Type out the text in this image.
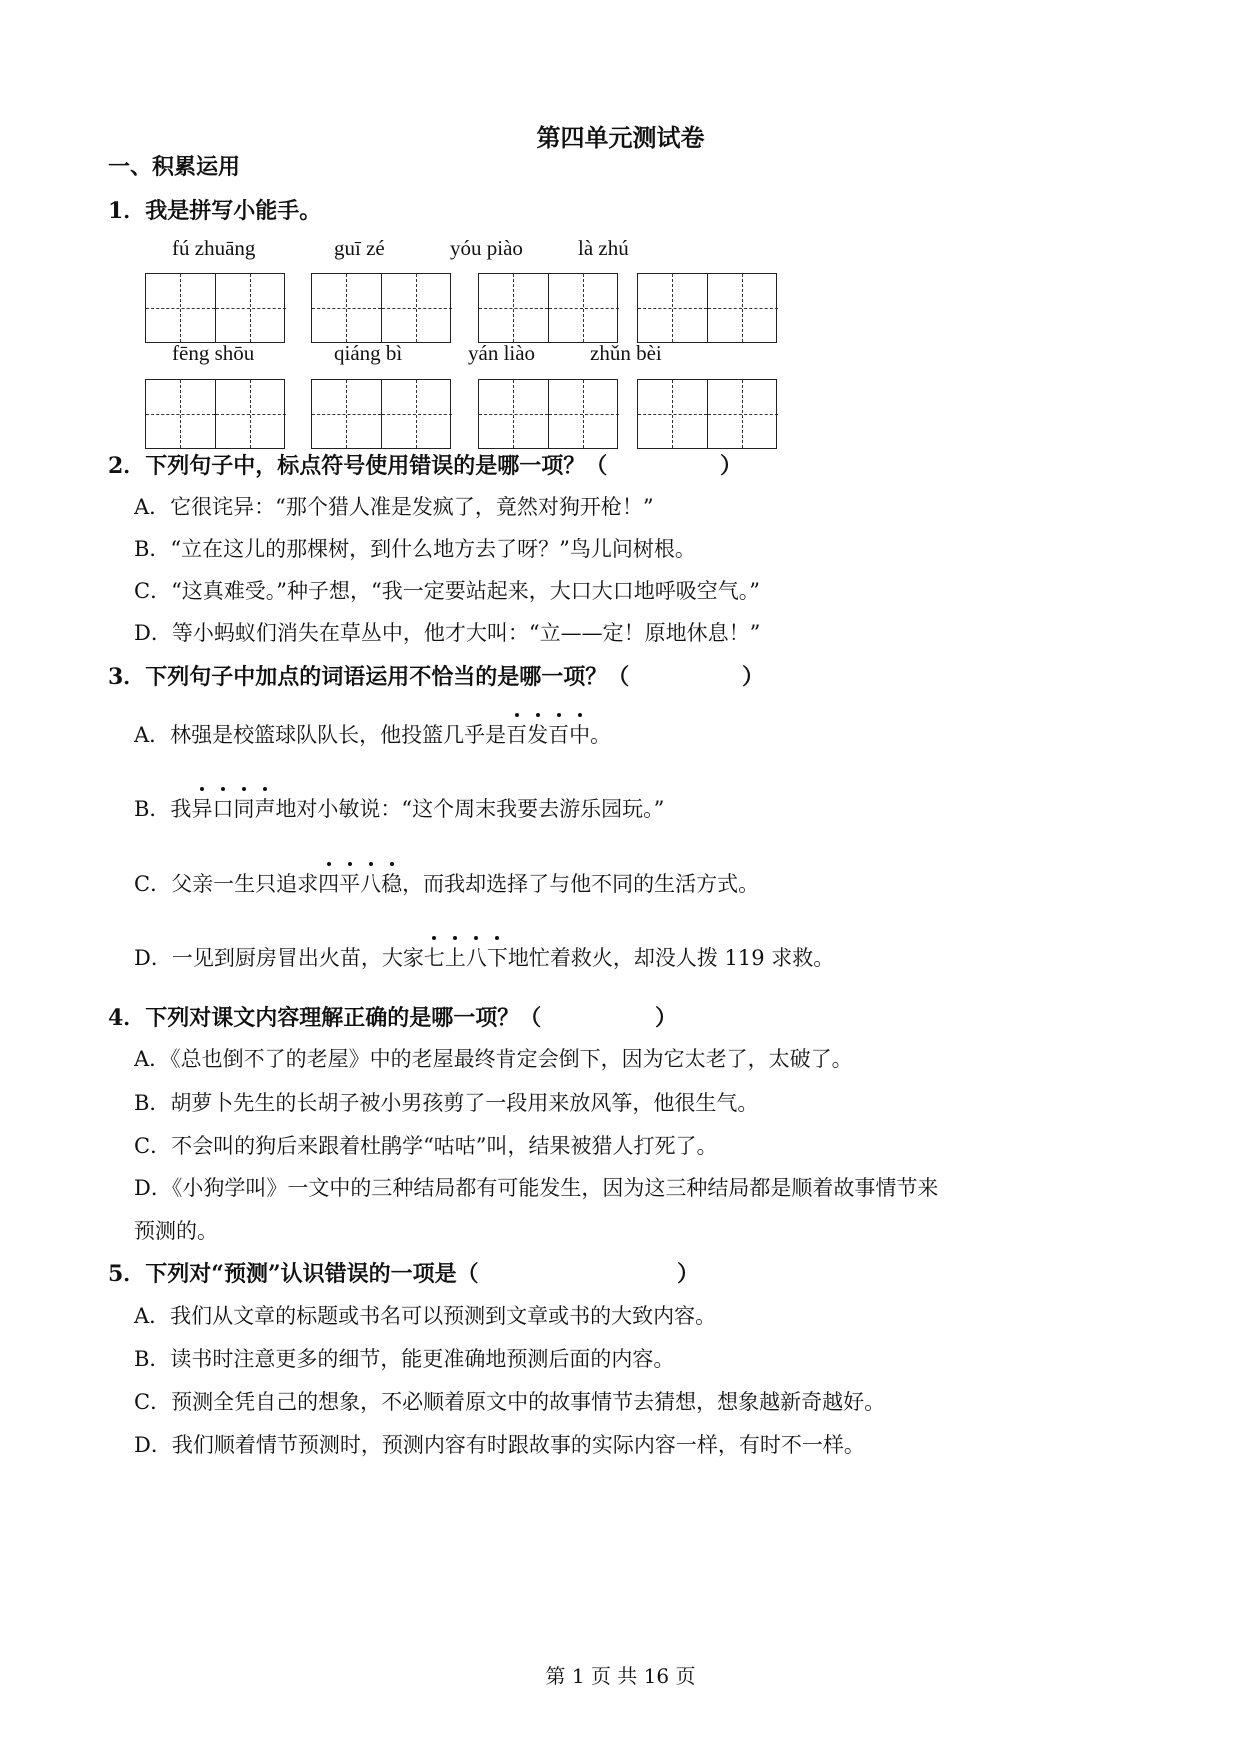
第四单元测试卷
一、积累运用
1．我是拼写小能手。
fú zhuāng	guī zé	yóu piào	là zhú
fēng shōu	qiáng bì	yán liào	zhǔn bèi
2．下列句子中，标点符号使用错误的是哪一项？（	）
A．它很诧异：“那个猎人准是发疯了，竟然对狗开枪！”
B．“立在这儿的那棵树，到什么地方去了呀？”鸟儿问树根。
C．“这真难受。”种子想，“我一定要站起来，大口大口地呼吸空气。”
D．等小蚂蚁们消失在草丛中，他才大叫：“立——定！原地休息！”
3．下列句子中加点的词语运用不恰当的是哪一项？（	）
A．林强是校篮球队队长，他投篮几乎是百发百中。
B．我异口同声地对小敏说：“这个周末我要去游乐园玩。”
C．父亲一生只追求四平八稳，而我却选择了与他不同的生活方式。
D．一见到厨房冒出火苗，大家七上八下地忙着救火，却没人拨 119 求救。
4．下列对课文内容理解正确的是哪一项？（	）
A．《总也倒不了的老屋》中的老屋最终肯定会倒下，因为它太老了，太破了。
B．胡萝卜先生的长胡子被小男孩剪了一段用来放风筝，他很生气。
C．不会叫的狗后来跟着杜鹃学“咕咕”叫，结果被猎人打死了。
D．《小狗学叫》一文中的三种结局都有可能发生，因为这三种结局都是顺着故事情节来
预测的。
5．下列对“预测”认识错误的一项是（	）
A．我们从文章的标题或书名可以预测到文章或书的大致内容。
B．读书时注意更多的细节，能更准确地预测后面的内容。
C．预测全凭自己的想象，不必顺着原文中的故事情节去猜想，想象越新奇越好。
D．我们顺着情节预测时，预测内容有时跟故事的实际内容一样，有时不一样。
第 1 页 共 16 页
